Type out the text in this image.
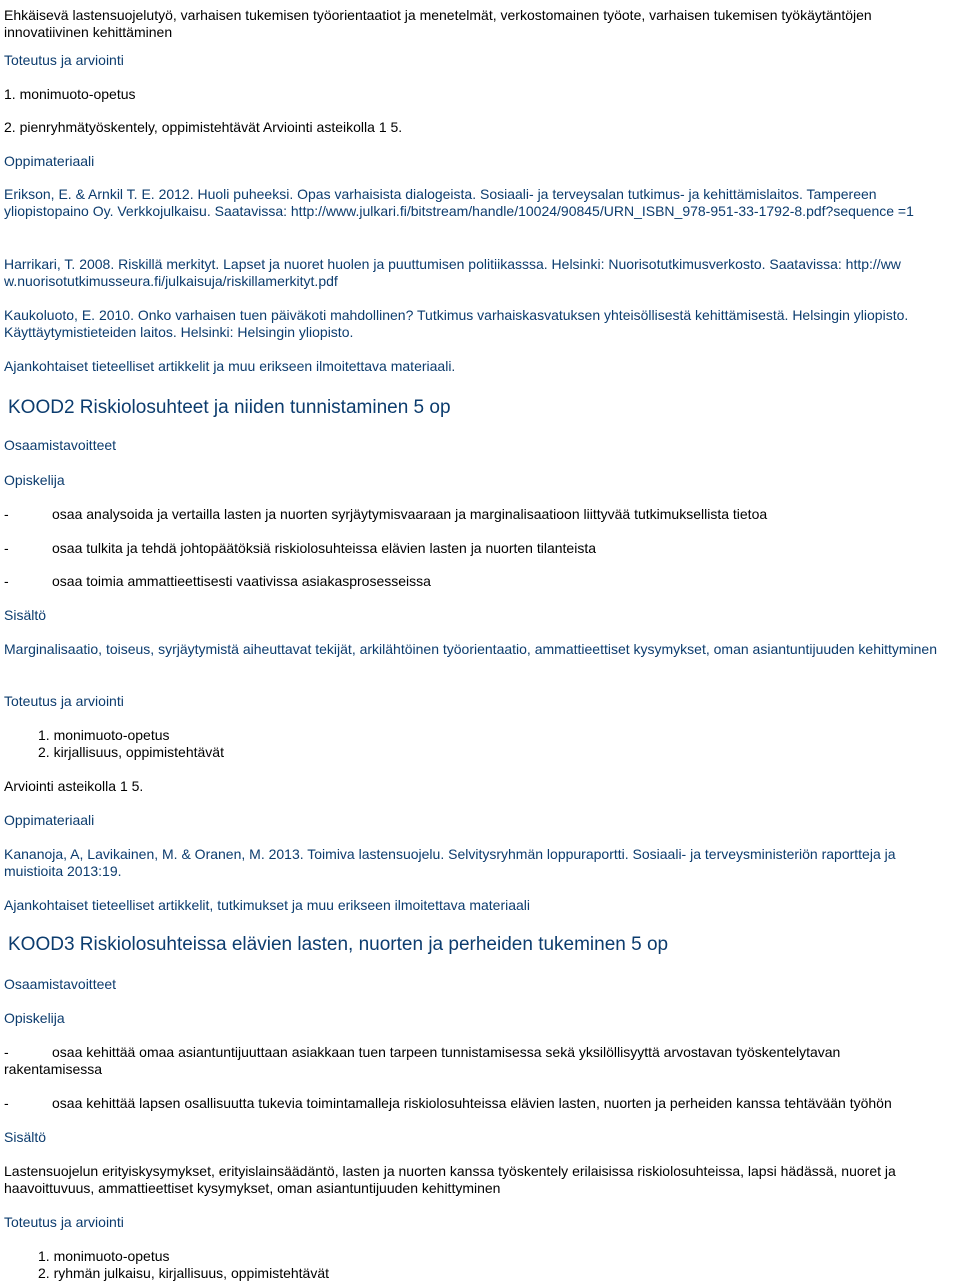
Ehkäisevä lastensuojelutyö, varhaisen tukemisen työorientaatiot ja menetelmät, verkostomainen työote, varhaisen tukemisen työkäytäntöjen innovatiivinen kehittäminen
Toteutus ja arviointi
1. monimuoto-opetus
2. pienryhmätyöskentely, oppimistehtävät Arviointi asteikolla 1 5.
Oppimateriaali
Erikson, E. & Arnkil T. E. 2012. Huoli puheeksi. Opas varhaisista dialogeista. Sosiaali- ja terveysalan tutkimus- ja kehittämislaitos. Tampereen yliopistopaino Oy. Verkkojulkaisu. Saatavissa: http://www.julkari.fi/bitstream/handle/10024/90845/URN_ISBN_978-951-33-1792-8.pdf?sequence =1
Harrikari, T. 2008. Riskillä merkityt. Lapset ja nuoret huolen ja puuttumisen politiikasssa. Helsinki: Nuorisotutkimusverkosto. Saatavissa: http://ww w.nuorisotutkimusseura.fi/julkaisuja/riskillamerkityt.pdf
Kaukoluoto, E. 2010. Onko varhaisen tuen päiväkoti mahdollinen? Tutkimus varhaiskasvatuksen yhteisöllisestä kehittämisestä. Helsingin yliopisto. Käyttäytymistieteiden laitos. Helsinki: Helsingin yliopisto.
Ajankohtaiset tieteelliset artikkelit ja muu erikseen ilmoitettava materiaali.
KOOD2 Riskiolosuhteet ja niiden tunnistaminen 5 op
Osaamistavoitteet
Opiskelija
-	osaa analysoida ja vertailla lasten ja nuorten syrjäytymisvaaraan ja marginalisaatioon liittyvää tutkimuksellista tietoa
-	osaa tulkita ja tehdä johtopäätöksiä riskiolosuhteissa elävien lasten ja nuorten tilanteista
-	osaa toimia ammattieettisesti vaativissa asiakasprosesseissa
Sisältö
Marginalisaatio, toiseus, syrjäytymistä aiheuttavat tekijät, arkilähtöinen työorientaatio, ammattieettiset kysymykset, oman asiantuntijuuden kehittyminen
Toteutus ja arviointi
1. monimuoto-opetus
2. kirjallisuus, oppimistehtävät
Arviointi asteikolla 1 5.
Oppimateriaali
Kananoja, A, Lavikainen, M. & Oranen, M. 2013. Toimiva lastensuojelu. Selvitysryhmän loppuraportti. Sosiaali- ja terveysministeriön raportteja ja muistioita 2013:19.
Ajankohtaiset tieteelliset artikkelit, tutkimukset ja muu erikseen ilmoitettava materiaali
KOOD3 Riskiolosuhteissa elävien lasten, nuorten ja perheiden tukeminen 5 op
Osaamistavoitteet
Opiskelija
-	osaa kehittää omaa asiantuntijuuttaan asiakkaan tuen tarpeen tunnistamisessa sekä yksilöllisyyttä arvostavan työskentelytavan
rakentamisessa
-	osaa kehittää lapsen osallisuutta tukevia toimintamalleja riskiolosuhteissa elävien lasten, nuorten ja perheiden kanssa tehtävään työhön
Sisältö
Lastensuojelun erityiskysymykset, erityislainsäädäntö, lasten ja nuorten kanssa työskentely erilaisissa riskiolosuhteissa, lapsi hädässä, nuoret ja haavoittuvuus, ammattieettiset kysymykset, oman asiantuntijuuden kehittyminen
Toteutus ja arviointi
1. monimuoto-opetus
2. ryhmän julkaisu, kirjallisuus, oppimistehtävät
